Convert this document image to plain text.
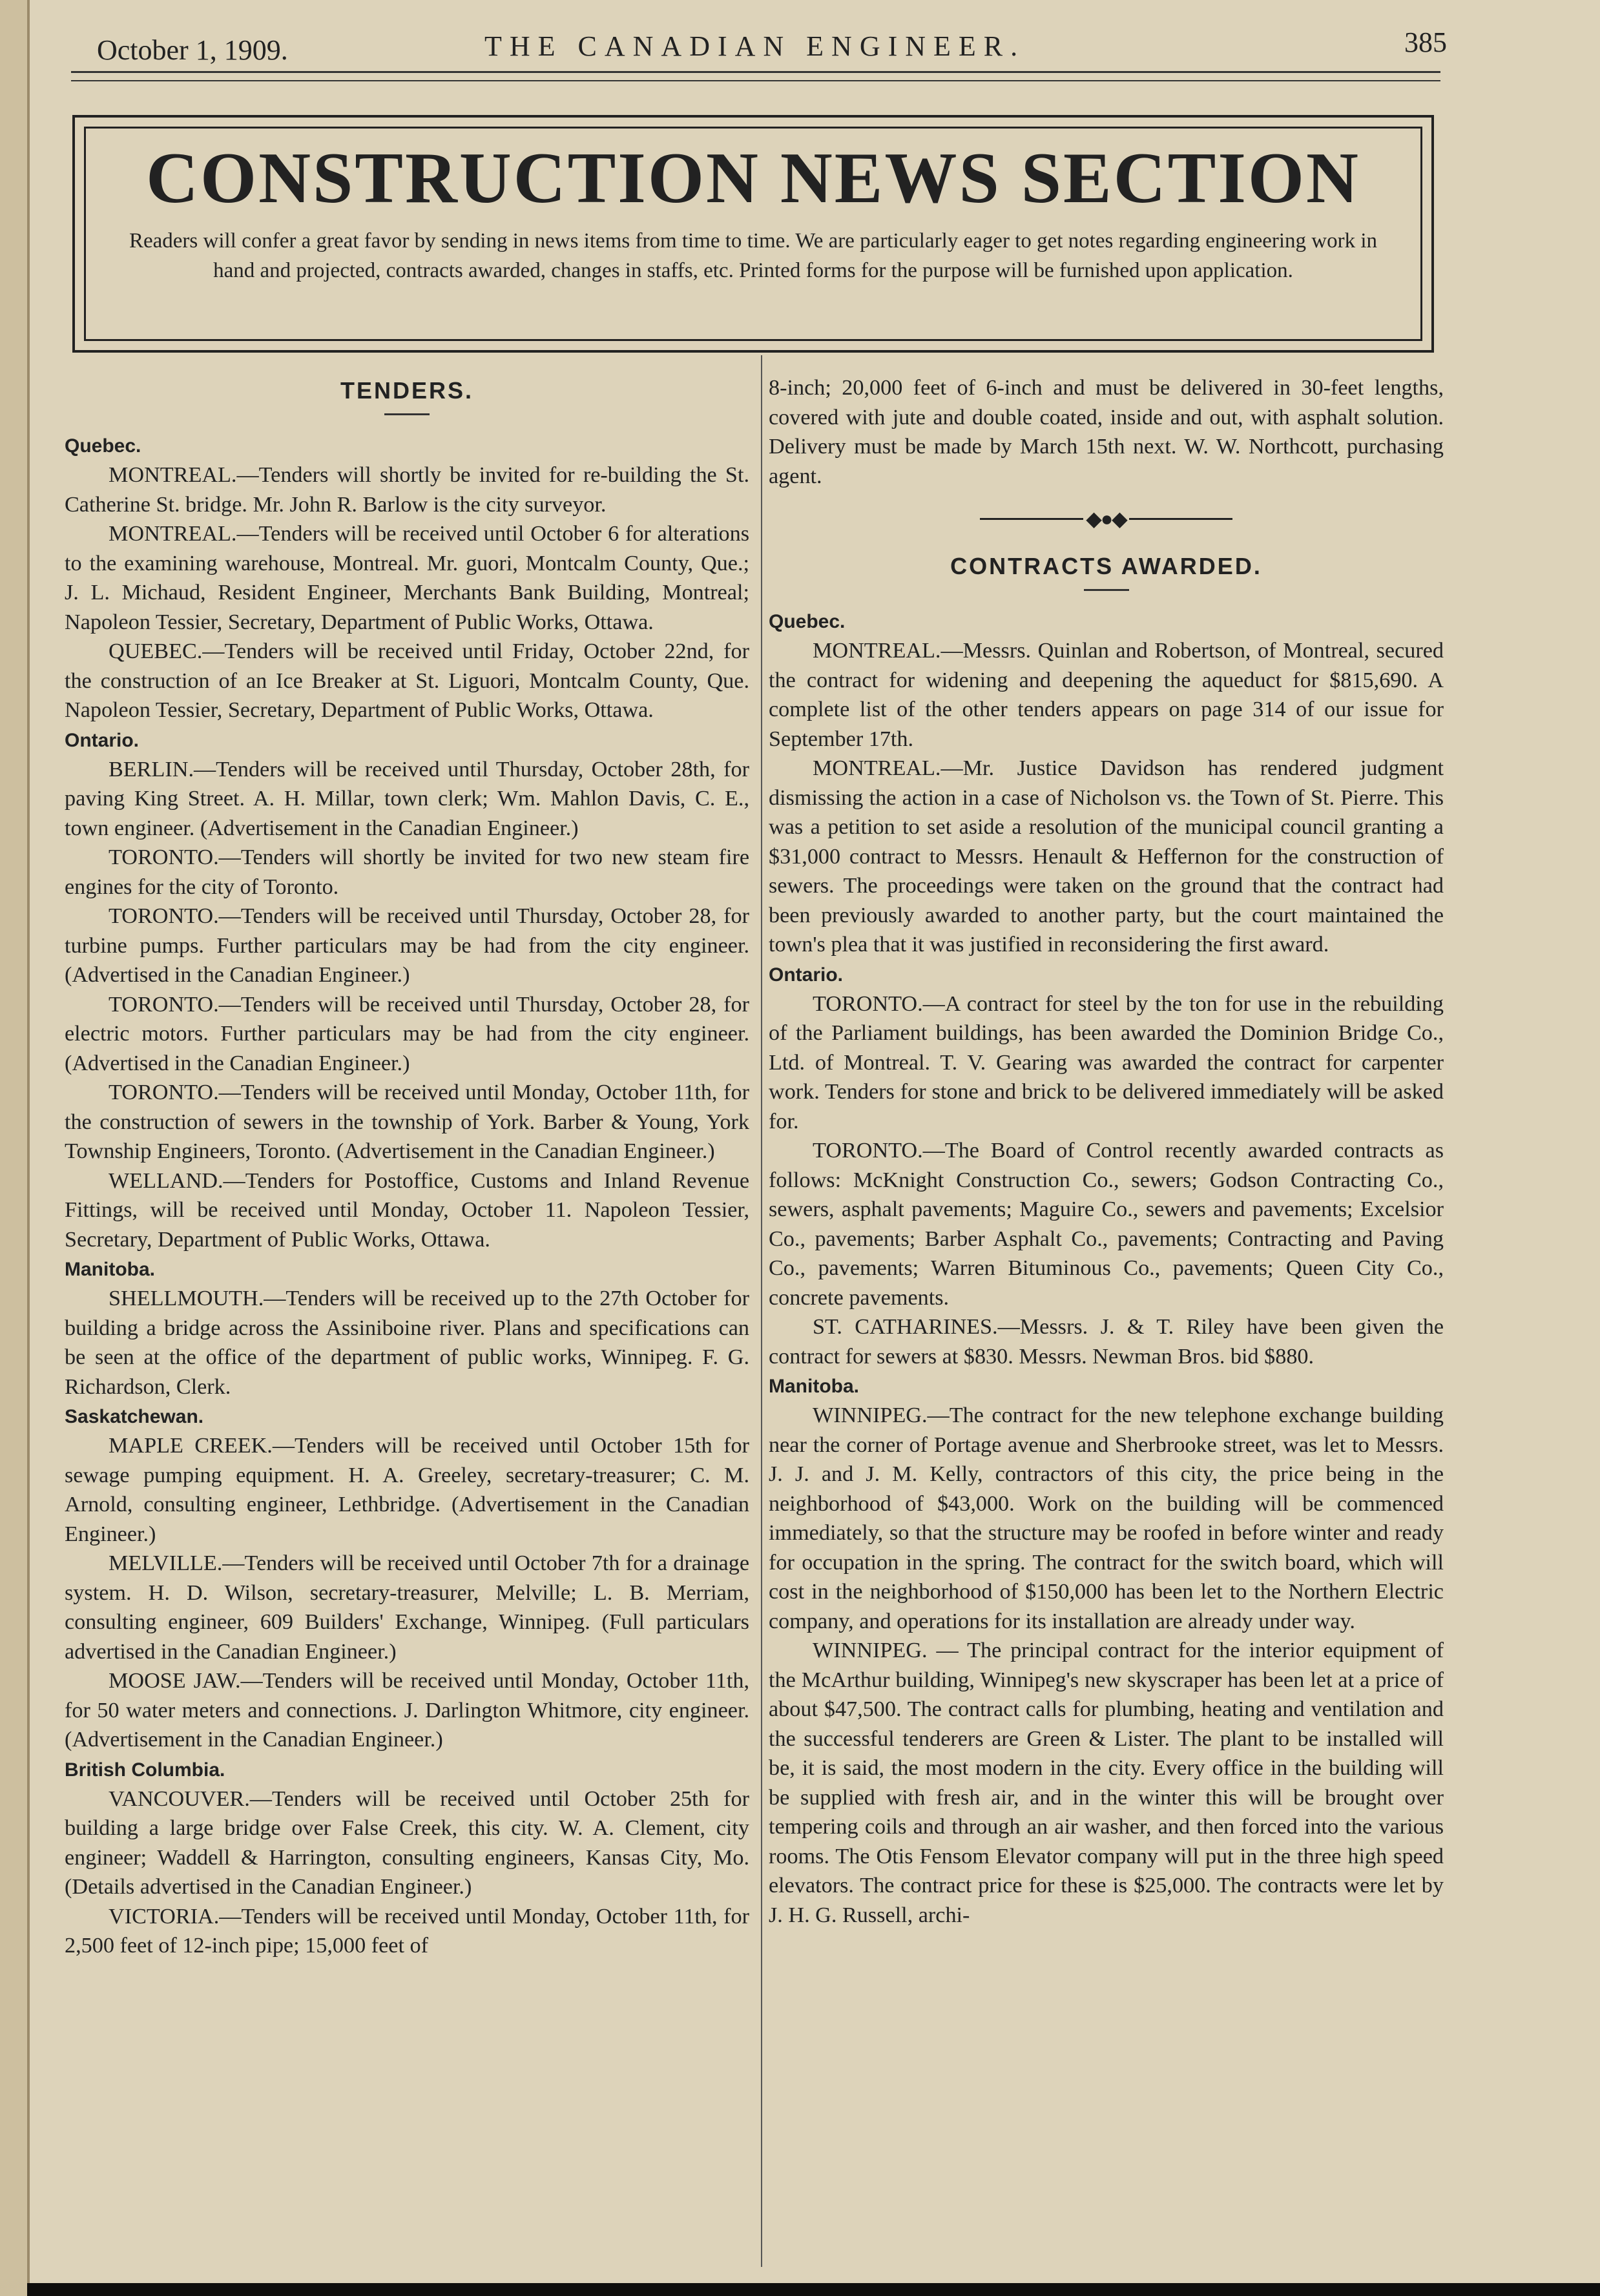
October 1, 1909.	THE CANADIAN ENGINEER.	385
CONSTRUCTION NEWS SECTION
Readers will confer a great favor by sending in news items from time to time. We are particularly eager to get notes regarding engineering work in hand and projected, contracts awarded, changes in staffs, etc. Printed forms for the purpose will be furnished upon application.
TENDERS.
Quebec.

MONTREAL.—Tenders will shortly be invited for re-building the St. Catherine St. bridge. Mr. John R. Barlow is the city surveyor.

MONTREAL.—Tenders will be received until October 6 for alterations to the examining warehouse, Montreal. Mr. guori, Montcalm County, Que.; J. L. Michaud, Resident Engineer, Merchants Bank Building, Montreal; Napoleon Tessier, Secretary, Department of Public Works, Ottawa.

QUEBEC.—Tenders will be received until Friday, October 22nd, for the construction of an Ice Breaker at St. Liguori, Montcalm County, Que. Napoleon Tessier, Secretary, Department of Public Works, Ottawa.

Ontario.

BERLIN.—Tenders will be received until Thursday, October 28th, for paving King Street. A. H. Millar, town clerk; Wm. Mahlon Davis, C. E., town engineer. (Advertisement in the Canadian Engineer.)

TORONTO.—Tenders will shortly be invited for two new steam fire engines for the city of Toronto.

TORONTO.—Tenders will be received until Thursday, October 28, for turbine pumps. Further particulars may be had from the city engineer. (Advertised in the Canadian Engineer.)

TORONTO.—Tenders will be received until Thursday, October 28, for electric motors. Further particulars may be had from the city engineer. (Advertised in the Canadian Engineer.)

TORONTO.—Tenders will be received until Monday, October 11th, for the construction of sewers in the township of York. Barber & Young, York Township Engineers, Toronto. (Advertisement in the Canadian Engineer.)

WELLAND.—Tenders for Postoffice, Customs and Inland Revenue Fittings, will be received until Monday, October 11. Napoleon Tessier, Secretary, Department of Public Works, Ottawa.

Manitoba.

SHELLMOUTH.—Tenders will be received up to the 27th October for building a bridge across the Assiniboine river. Plans and specifications can be seen at the office of the department of public works, Winnipeg. F. G. Richardson, Clerk.

Saskatchewan.

MAPLE CREEK.—Tenders will be received until October 15th for sewage pumping equipment. H. A. Greeley, secretary-treasurer; C. M. Arnold, consulting engineer, Lethbridge. (Advertisement in the Canadian Engineer.)

MELVILLE.—Tenders will be received until October 7th for a drainage system. H. D. Wilson, secretary-treasurer, Melville; L. B. Merriam, consulting engineer, 609 Builders' Exchange, Winnipeg. (Full particulars advertised in the Canadian Engineer.)

MOOSE JAW.—Tenders will be received until Monday, October 11th, for 50 water meters and connections. J. Darlington Whitmore, city engineer. (Advertisement in the Canadian Engineer.)

British Columbia.

VANCOUVER.—Tenders will be received until October 25th for building a large bridge over False Creek, this city. W. A. Clement, city engineer; Waddell & Harrington, consulting engineers, Kansas City, Mo. (Details advertised in the Canadian Engineer.)

VICTORIA.—Tenders will be received until Monday, October 11th, for 2,500 feet of 12-inch pipe; 15,000 feet of

8-inch; 20,000 feet of 6-inch and must be delivered in 30-feet lengths, covered with jute and double coated, inside and out, with asphalt solution. Delivery must be made by March 15th next. W. W. Northcott, purchasing agent.

◆●◆
CONTRACTS AWARDED.
Quebec.

MONTREAL.—Messrs. Quinlan and Robertson, of Montreal, secured the contract for widening and deepening the aqueduct for $815,690. A complete list of the other tenders appears on page 314 of our issue for September 17th.

MONTREAL.—Mr. Justice Davidson has rendered judgment dismissing the action in a case of Nicholson vs. the Town of St. Pierre. This was a petition to set aside a resolution of the municipal council granting a $31,000 contract to Messrs. Henault & Heffernon for the construction of sewers. The proceedings were taken on the ground that the contract had been previously awarded to another party, but the court maintained the town's plea that it was justified in reconsidering the first award.

Ontario.

TORONTO.—A contract for steel by the ton for use in the rebuilding of the Parliament buildings, has been awarded the Dominion Bridge Co., Ltd. of Montreal. T. V. Gearing was awarded the contract for carpenter work. Tenders for stone and brick to be delivered immediately will be asked for.

TORONTO.—The Board of Control recently awarded contracts as follows: McKnight Construction Co., sewers; Godson Contracting Co., sewers, asphalt pavements; Maguire Co., sewers and pavements; Excelsior Co., pavements; Barber Asphalt Co., pavements; Contracting and Paving Co., pavements; Warren Bituminous Co., pavements; Queen City Co., concrete pavements.

ST. CATHARINES.—Messrs. J. & T. Riley have been given the contract for sewers at $830. Messrs. Newman Bros. bid $880.

Manitoba.

WINNIPEG.—The contract for the new telephone exchange building near the corner of Portage avenue and Sherbrooke street, was let to Messrs. J. J. and J. M. Kelly, contractors of this city, the price being in the neighborhood of $43,000. Work on the building will be commenced immediately, so that the structure may be roofed in before winter and ready for occupation in the spring. The contract for the switch board, which will cost in the neighborhood of $150,000 has been let to the Northern Electric company, and operations for its installation are already under way.

WINNIPEG. — The principal contract for the interior equipment of the McArthur building, Winnipeg's new skyscraper has been let at a price of about $47,500. The contract calls for plumbing, heating and ventilation and the successful tenderers are Green & Lister. The plant to be installed will be, it is said, the most modern in the city. Every office in the building will be supplied with fresh air, and in the winter this will be brought over tempering coils and through an air washer, and then forced into the various rooms. The Otis Fensom Elevator company will put in the three high speed elevators. The contract price for these is $25,000. The contracts were let by J. H. G. Russell, archi-
